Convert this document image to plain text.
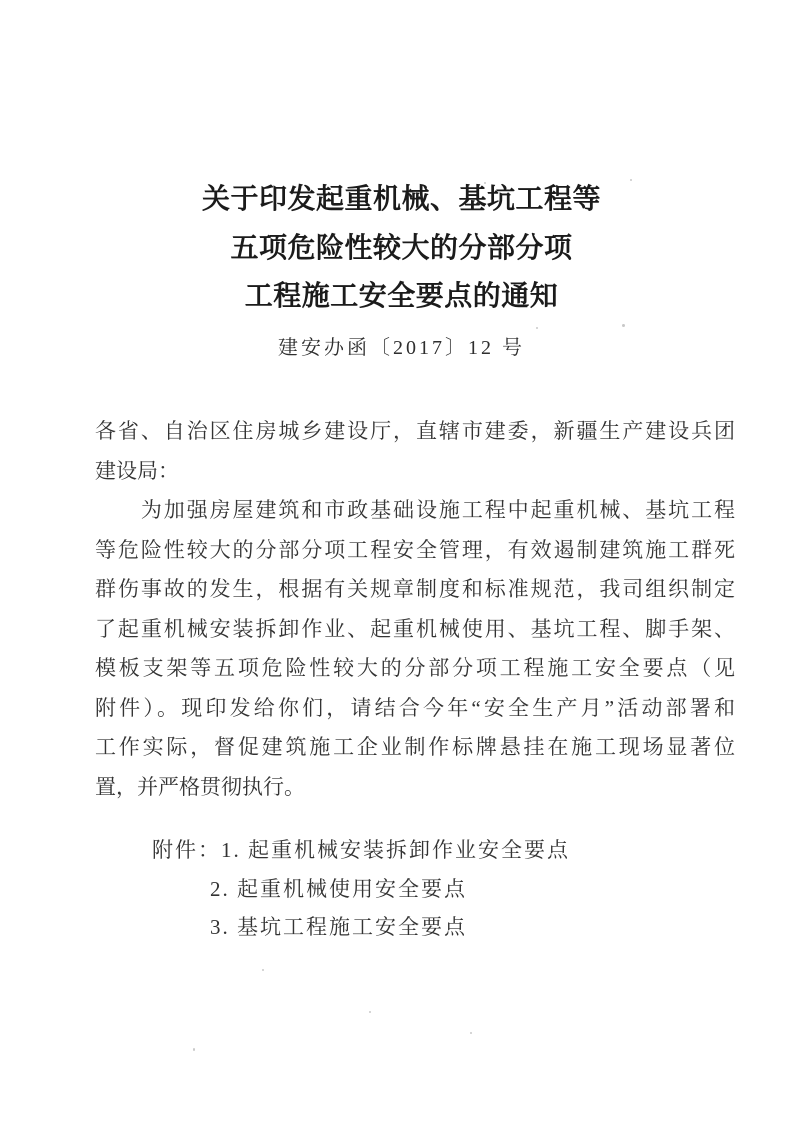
关于印发起重机械、基坑工程等
五项危险性较大的分部分项
工程施工安全要点的通知
建安办函〔2017〕12 号
各省、自治区住房城乡建设厅，直辖市建委，新疆生产建设兵团
建设局：
　　为加强房屋建筑和市政基础设施工程中起重机械、基坑工程
等危险性较大的分部分项工程安全管理，有效遏制建筑施工群死
群伤事故的发生，根据有关规章制度和标准规范，我司组织制定
了起重机械安装拆卸作业、起重机械使用、基坑工程、脚手架、
模板支架等五项危险性较大的分部分项工程施工安全要点（见
附件）。现印发给你们，请结合今年“安全生产月”活动部署和
工作实际，督促建筑施工企业制作标牌悬挂在施工现场显著位
置，并严格贯彻执行。
附件：1. 起重机械安装拆卸作业安全要点
2. 起重机械使用安全要点
3. 基坑工程施工安全要点
